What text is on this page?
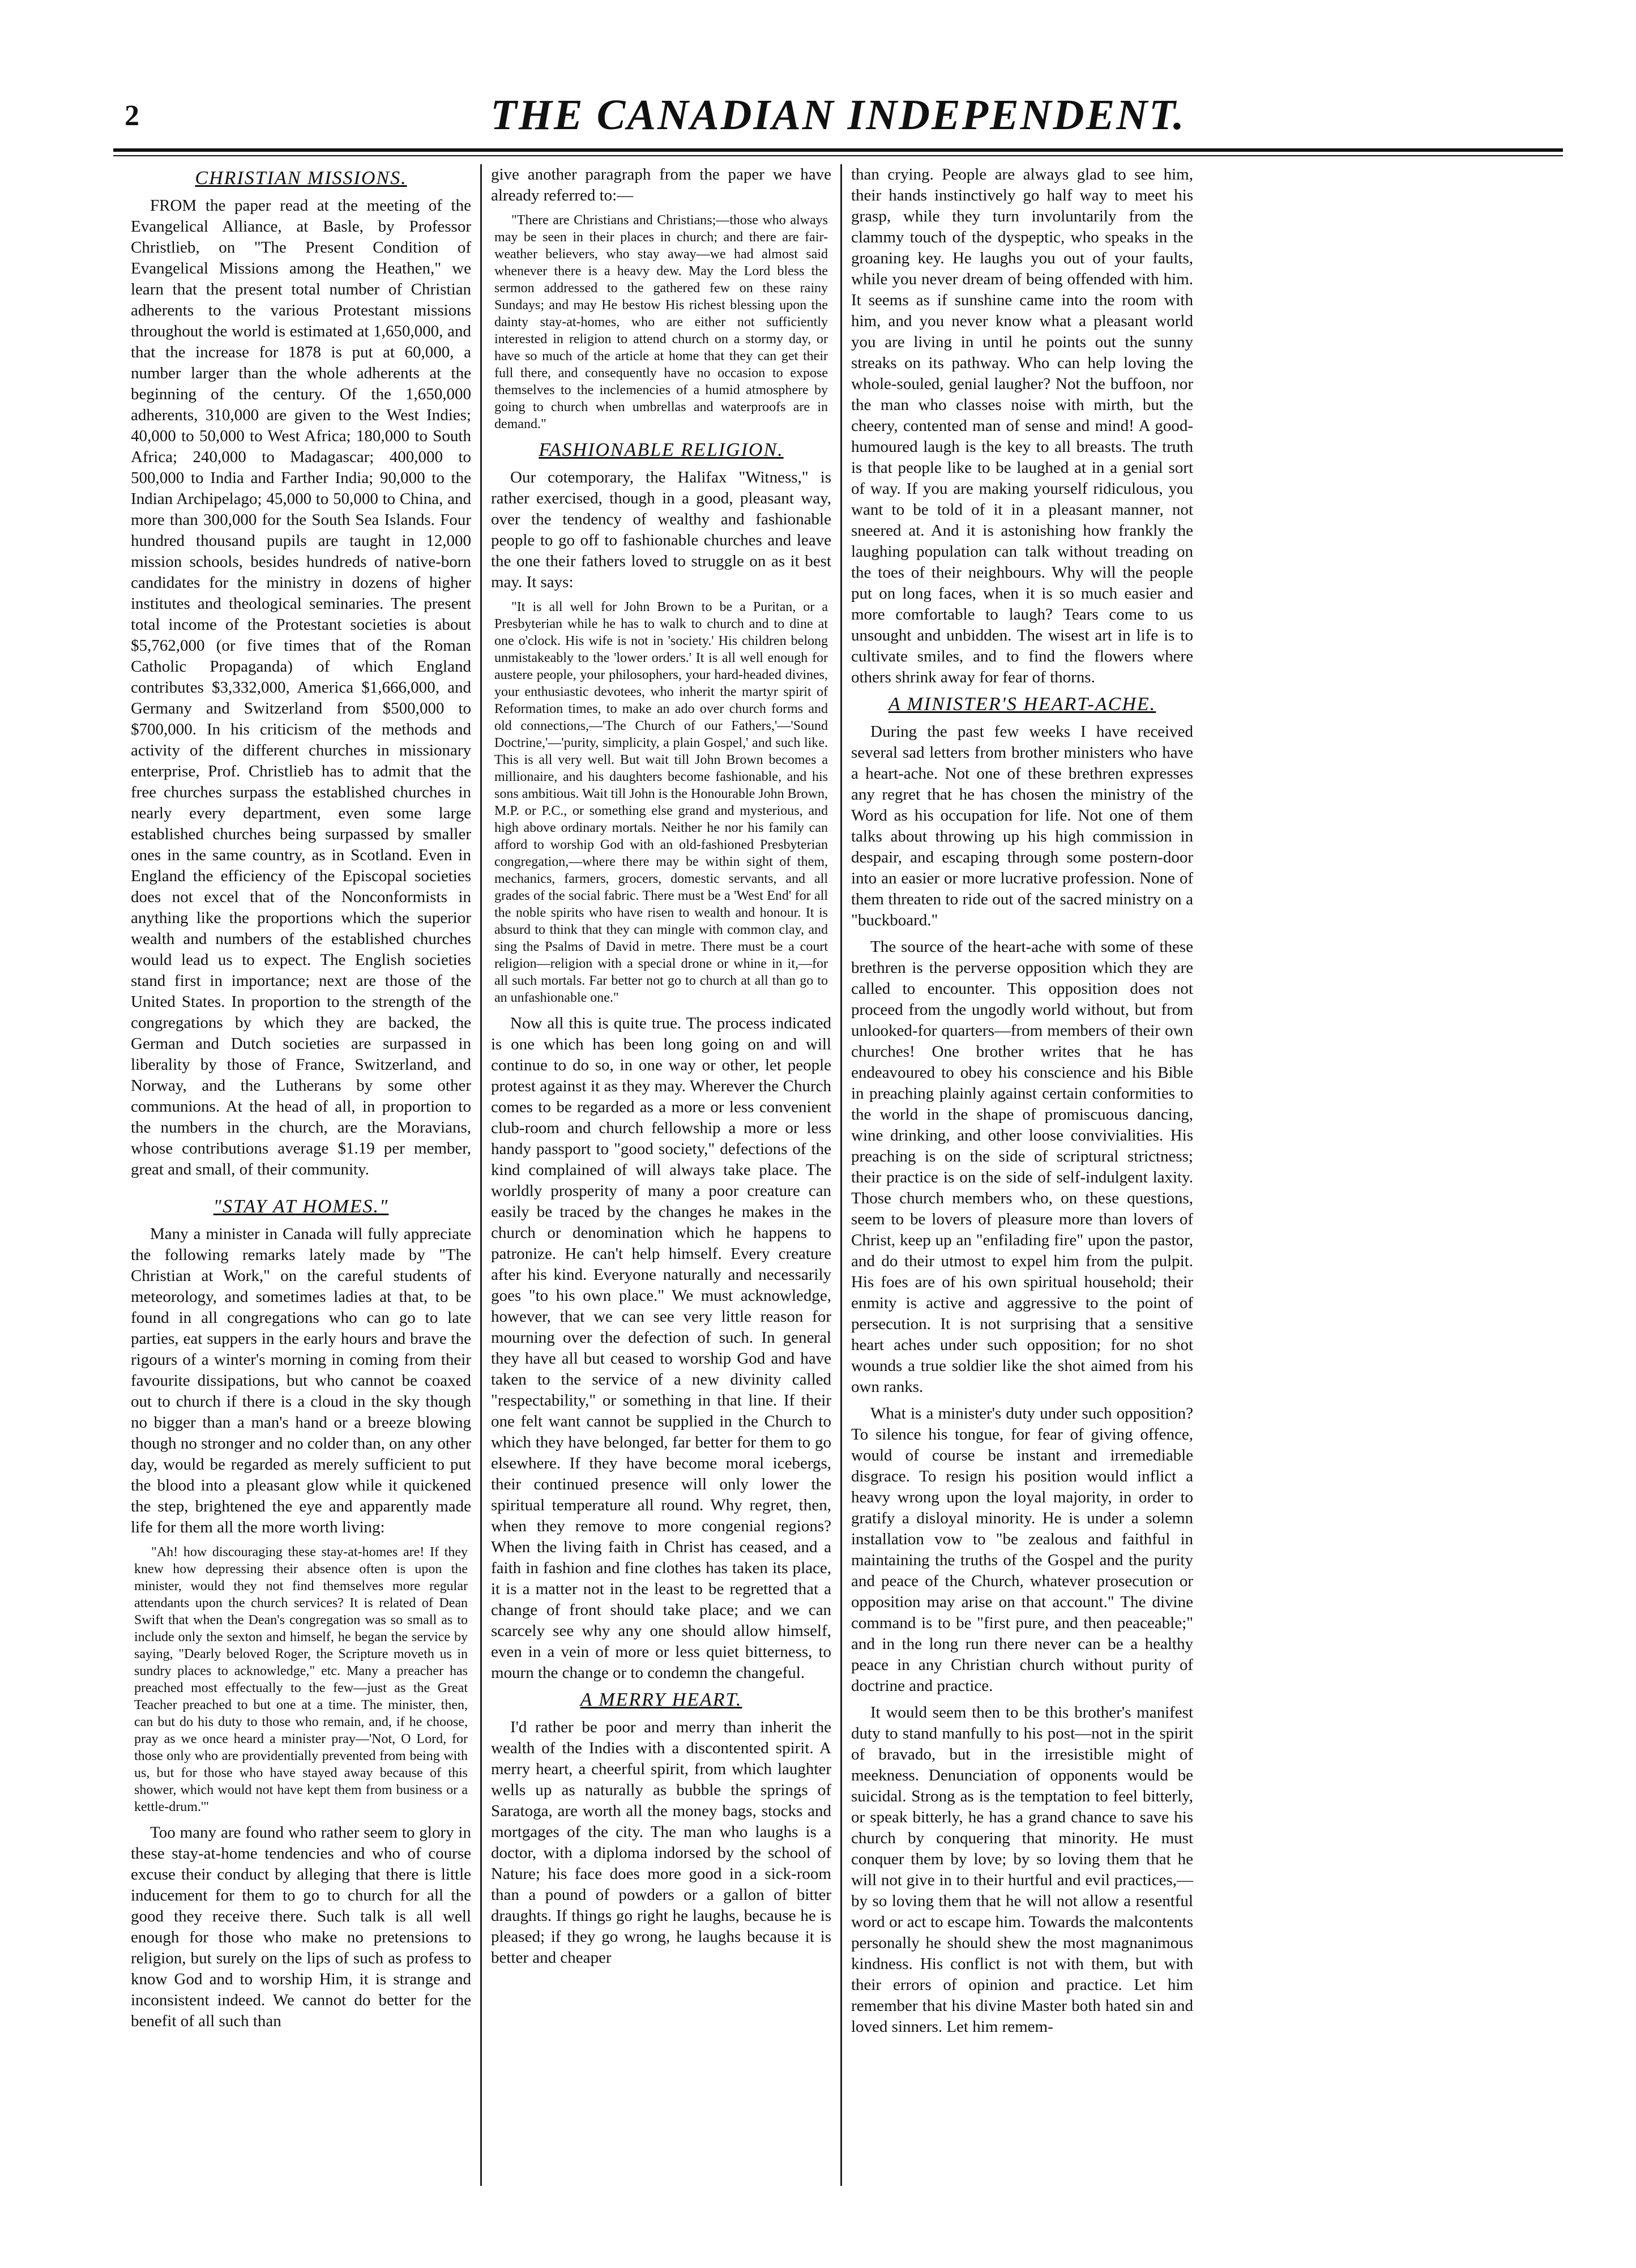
2	THE CANADIAN INDEPENDENT.
CHRISTIAN MISSIONS.

FROM the paper read at the meeting of the Evangelical Alliance, at Basle, by Professor Christlieb, on "The Present Condition of Evangelical Missions among the Heathen," we learn that the present total number of Christian adherents to the various Protestant missions throughout the world is estimated at 1,650,000, and that the increase for 1878 is put at 60,000, a number larger than the whole adherents at the beginning of the century. Of the 1,650,000 adherents, 310,000 are given to the West Indies; 40,000 to 50,000 to West Africa; 180,000 to South Africa; 240,000 to Madagascar; 400,000 to 500,000 to India and Farther India; 90,000 to the Indian Archipelago; 45,000 to 50,000 to China, and more than 300,000 for the South Sea Islands. Four hundred thousand pupils are taught in 12,000 mission schools, besides hundreds of native-born candidates for the ministry in dozens of higher institutes and theological seminaries. The present total income of the Protestant societies is about $5,762,000 (or five times that of the Roman Catholic Propaganda) of which England contributes $3,332,000, America $1,666,000, and Germany and Switzerland from $500,000 to $700,000. In his criticism of the methods and activity of the different churches in missionary enterprise, Prof. Christlieb has to admit that the free churches surpass the established churches in nearly every department, even some large established churches being surpassed by smaller ones in the same country, as in Scotland. Even in England the efficiency of the Episcopal societies does not excel that of the Nonconformists in anything like the proportions which the superior wealth and numbers of the established churches would lead us to expect. The English societies stand first in importance; next are those of the United States. In proportion to the strength of the congregations by which they are backed, the German and Dutch societies are surpassed in liberality by those of France, Switzerland, and Norway, and the Lutherans by some other communions. At the head of all, in proportion to the numbers in the church, are the Moravians, whose contributions average $1.19 per member, great and small, of their community.

"STAY AT HOMES."

Many a minister in Canada will fully appreciate the following remarks lately made by "The Christian at Work," on the careful students of meteorology, and sometimes ladies at that, to be found in all congregations who can go to late parties, eat suppers in the early hours and brave the rigours of a winter's morning in coming from their favourite dissipations, but who cannot be coaxed out to church if there is a cloud in the sky though no bigger than a man's hand or a breeze blowing though no stronger and no colder than, on any other day, would be regarded as merely sufficient to put the blood into a pleasant glow while it quickened the step, brightened the eye and apparently made life for them all the more worth living:

"Ah! how discouraging these stay-at-homes are! If they knew how depressing their absence often is upon the minister, would they not find themselves more regular attendants upon the church services? It is related of Dean Swift that when the Dean's congregation was so small as to include only the sexton and himself, he began the service by saying, "Dearly beloved Roger, the Scripture moveth us in sundry places to acknowledge," etc. Many a preacher has preached most effectually to the few—just as the Great Teacher preached to but one at a time. The minister, then, can but do his duty to those who remain, and, if he choose, pray as we once heard a minister pray—'Not, O Lord, for those only who are providentially prevented from being with us, but for those who have stayed away because of this shower, which would not have kept them from business or a kettle-drum.'"

Too many are found who rather seem to glory in these stay-at-home tendencies and who of course excuse their conduct by alleging that there is little inducement for them to go to church for all the good they receive there. Such talk is all well enough for those who make no pretensions to religion, but surely on the lips of such as profess to know God and to worship Him, it is strange and inconsistent indeed. We cannot do better for the benefit of all such than

give another paragraph from the paper we have already referred to:—

"There are Christians and Christians;—those who always may be seen in their places in church; and there are fair-weather believers, who stay away—we had almost said whenever there is a heavy dew. May the Lord bless the sermon addressed to the gathered few on these rainy Sundays; and may He bestow His richest blessing upon the dainty stay-at-homes, who are either not sufficiently interested in religion to attend church on a stormy day, or have so much of the article at home that they can get their full there, and consequently have no occasion to expose themselves to the inclemencies of a humid atmosphere by going to church when umbrellas and waterproofs are in demand."
FASHIONABLE RELIGION.

Our cotemporary, the Halifax "Witness," is rather exercised, though in a good, pleasant way, over the tendency of wealthy and fashionable people to go off to fashionable churches and leave the one their fathers loved to struggle on as it best may. It says:

"It is all well for John Brown to be a Puritan, or a Presbyterian while he has to walk to church and to dine at one o'clock. His wife is not in 'society.' His children belong unmistakeably to the 'lower orders.' It is all well enough for austere people, your philosophers, your hard-headed divines, your enthusiastic devotees, who inherit the martyr spirit of Reformation times, to make an ado over church forms and old connections,—'The Church of our Fathers,'—'Sound Doctrine,'—'purity, simplicity, a plain Gospel,' and such like. This is all very well. But wait till John Brown becomes a millionaire, and his daughters become fashionable, and his sons ambitious. Wait till John is the Honourable John Brown, M.P. or P.C., or something else grand and mysterious, and high above ordinary mortals. Neither he nor his family can afford to worship God with an old-fashioned Presbyterian congregation,—where there may be within sight of them, mechanics, farmers, grocers, domestic servants, and all grades of the social fabric. There must be a 'West End' for all the noble spirits who have risen to wealth and honour. It is absurd to think that they can mingle with common clay, and sing the Psalms of David in metre. There must be a court religion—religion with a special drone or whine in it,—for all such mortals. Far better not go to church at all than go to an unfashionable one."

Now all this is quite true. The process indicated is one which has been long going on and will continue to do so, in one way or other, let people protest against it as they may. Wherever the Church comes to be regarded as a more or less convenient club-room and church fellowship a more or less handy passport to "good society," defections of the kind complained of will always take place. The worldly prosperity of many a poor creature can easily be traced by the changes he makes in the church or denomination which he happens to patronize. He can't help himself. Every creature after his kind. Everyone naturally and necessarily goes "to his own place." We must acknowledge, however, that we can see very little reason for mourning over the defection of such. In general they have all but ceased to worship God and have taken to the service of a new divinity called "respectability," or something in that line. If their one felt want cannot be supplied in the Church to which they have belonged, far better for them to go elsewhere. If they have become moral icebergs, their continued presence will only lower the spiritual temperature all round. Why regret, then, when they remove to more congenial regions? When the living faith in Christ has ceased, and a faith in fashion and fine clothes has taken its place, it is a matter not in the least to be regretted that a change of front should take place; and we can scarcely see why any one should allow himself, even in a vein of more or less quiet bitterness, to mourn the change or to condemn the changeful.

A MERRY HEART.

I'd rather be poor and merry than inherit the wealth of the Indies with a discontented spirit. A merry heart, a cheerful spirit, from which laughter wells up as naturally as bubble the springs of Saratoga, are worth all the money bags, stocks and mortgages of the city. The man who laughs is a doctor, with a diploma indorsed by the school of Nature; his face does more good in a sick-room than a pound of powders or a gallon of bitter draughts. If things go right he laughs, because he is pleased; if they go wrong, he laughs because it is better and cheaper

than crying. People are always glad to see him, their hands instinctively go half way to meet his grasp, while they turn involuntarily from the clammy touch of the dyspeptic, who speaks in the groaning key. He laughs you out of your faults, while you never dream of being offended with him. It seems as if sunshine came into the room with him, and you never know what a pleasant world you are living in until he points out the sunny streaks on its pathway. Who can help loving the whole-souled, genial laugher? Not the buffoon, nor the man who classes noise with mirth, but the cheery, contented man of sense and mind! A good-humoured laugh is the key to all breasts. The truth is that people like to be laughed at in a genial sort of way. If you are making yourself ridiculous, you want to be told of it in a pleasant manner, not sneered at. And it is astonishing how frankly the laughing population can talk without treading on the toes of their neighbours. Why will the people put on long faces, when it is so much easier and more comfortable to laugh? Tears come to us unsought and unbidden. The wisest art in life is to cultivate smiles, and to find the flowers where others shrink away for fear of thorns.

A MINISTER'S HEART-ACHE.

During the past few weeks I have received several sad letters from brother ministers who have a heart-ache. Not one of these brethren expresses any regret that he has chosen the ministry of the Word as his occupation for life. Not one of them talks about throwing up his high commission in despair, and escaping through some postern-door into an easier or more lucrative profession. None of them threaten to ride out of the sacred ministry on a "buckboard."

The source of the heart-ache with some of these brethren is the perverse opposition which they are called to encounter. This opposition does not proceed from the ungodly world without, but from unlooked-for quarters—from members of their own churches! One brother writes that he has endeavoured to obey his conscience and his Bible in preaching plainly against certain conformities to the world in the shape of promiscuous dancing, wine drinking, and other loose convivialities. His preaching is on the side of scriptural strictness; their practice is on the side of self-indulgent laxity. Those church members who, on these questions, seem to be lovers of pleasure more than lovers of Christ, keep up an "enfilading fire" upon the pastor, and do their utmost to expel him from the pulpit. His foes are of his own spiritual household; their enmity is active and aggressive to the point of persecution. It is not surprising that a sensitive heart aches under such opposition; for no shot wounds a true soldier like the shot aimed from his own ranks.

What is a minister's duty under such opposition? To silence his tongue, for fear of giving offence, would of course be instant and irremediable disgrace. To resign his position would inflict a heavy wrong upon the loyal majority, in order to gratify a disloyal minority. He is under a solemn installation vow to "be zealous and faithful in maintaining the truths of the Gospel and the purity and peace of the Church, whatever prosecution or opposition may arise on that account." The divine command is to be "first pure, and then peaceable;" and in the long run there never can be a healthy peace in any Christian church without purity of doctrine and practice.

It would seem then to be this brother's manifest duty to stand manfully to his post—not in the spirit of bravado, but in the irresistible might of meekness. Denunciation of opponents would be suicidal. Strong as is the temptation to feel bitterly, or speak bitterly, he has a grand chance to save his church by conquering that minority. He must conquer them by love; by so loving them that he will not give in to their hurtful and evil practices,—by so loving them that he will not allow a resentful word or act to escape him. Towards the malcontents personally he should shew the most magnanimous kindness. His conflict is not with them, but with their errors of opinion and practice. Let him remember that his divine Master both hated sin and loved sinners. Let him remem-
